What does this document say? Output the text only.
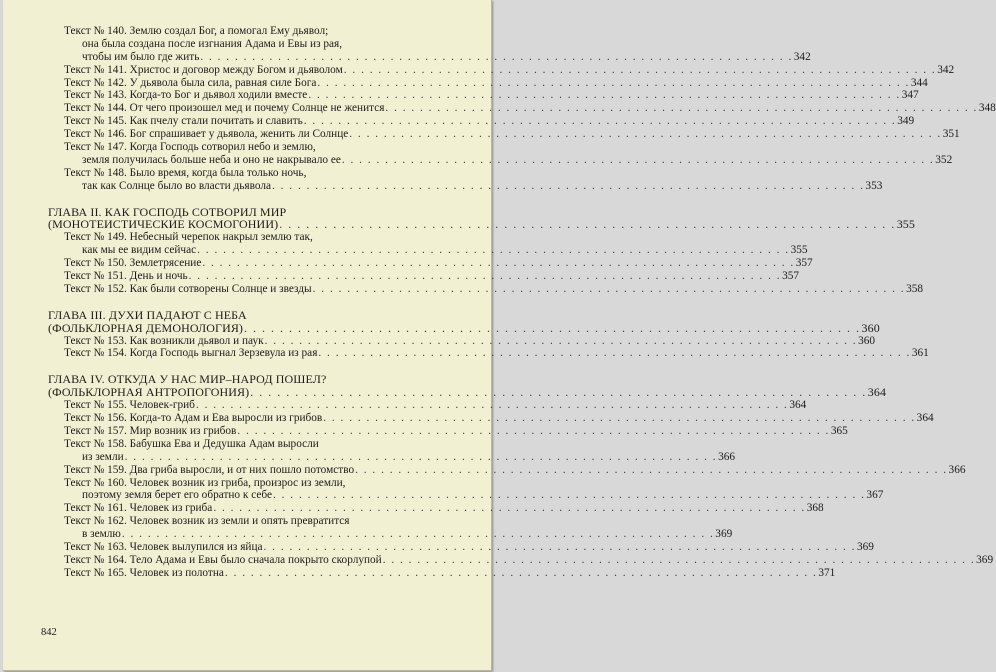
Текст № 140. Землю создал Бог, а помогал Ему дьявол;
она была создана после изгнания Адама и Евы из рая,
чтобы им было где жить . . . . . . . . . . . . . . . . . . . . . . . . . . . . . . . . . . . . . . . . . . . . . . . . . . . . . . . . . . . . . . . . . . . . . 342
Текст № 141. Христос и договор между Богом и дьяволом . . . . . . . . . . . . . . . . . . . . . . . . . . . . . . . . . . . . . . . . . . . . . . . . . . . . . . . . . . . . . . . . . . . . . 342
Текст № 142. У дьявола была сила, равная силе Бога . . . . . . . . . . . . . . . . . . . . . . . . . . . . . . . . . . . . . . . . . . . . . . . . . . . . . . . . . . . . . . . . . . . . . 344
Текст № 143. Когда-то Бог и дьявол ходили вместе . . . . . . . . . . . . . . . . . . . . . . . . . . . . . . . . . . . . . . . . . . . . . . . . . . . . . . . . . . . . . . . . . . . . . 347
Текст № 144. От чего произошел мед и почему Солнце не женится . . . . . . . . . . . . . . . . . . . . . . . . . . . . . . . . . . . . . . . . . . . . . . . . . . . . . . . . . . . . . . . . . . . . . 348
Текст № 145. Как пчелу стали почитать и славить . . . . . . . . . . . . . . . . . . . . . . . . . . . . . . . . . . . . . . . . . . . . . . . . . . . . . . . . . . . . . . . . . . . . . 349
Текст № 146. Бог спрашивает у дьявола, женить ли Солнце . . . . . . . . . . . . . . . . . . . . . . . . . . . . . . . . . . . . . . . . . . . . . . . . . . . . . . . . . . . . . . . . . . . . . 351
Текст № 147. Когда Господь сотворил небо и землю,
земля получилась больше неба и оно не накрывало ее . . . . . . . . . . . . . . . . . . . . . . . . . . . . . . . . . . . . . . . . . . . . . . . . . . . . . . . . . . . . . . . . . . . . . 352
Текст № 148. Было время, когда была только ночь,
так как Солнце было во власти дьявола . . . . . . . . . . . . . . . . . . . . . . . . . . . . . . . . . . . . . . . . . . . . . . . . . . . . . . . . . . . . . . . . . . . . . 353
ГЛАВА II. КАК ГОСПОДЬ СОТВОРИЛ МИР
(МОНОТЕИСТИЧЕСКИЕ КОСМОГОНИИ) . . . . . . . . . . . . . . . . . . . . . . . . . . . . . . . . . . . . . . . . . . . . . . . . . . . . . . . . . . . . . . . . . . . . . 355
Текст № 149. Небесный черепок накрыл землю так,
как мы ее видим сейчас . . . . . . . . . . . . . . . . . . . . . . . . . . . . . . . . . . . . . . . . . . . . . . . . . . . . . . . . . . . . . . . . . . . . . 355
Текст № 150. Землетрясение . . . . . . . . . . . . . . . . . . . . . . . . . . . . . . . . . . . . . . . . . . . . . . . . . . . . . . . . . . . . . . . . . . . . . 357
Текст № 151. День и ночь . . . . . . . . . . . . . . . . . . . . . . . . . . . . . . . . . . . . . . . . . . . . . . . . . . . . . . . . . . . . . . . . . . . . . 357
Текст № 152. Как были сотворены Солнце и звезды . . . . . . . . . . . . . . . . . . . . . . . . . . . . . . . . . . . . . . . . . . . . . . . . . . . . . . . . . . . . . . . . . . . . . 358
ГЛАВА III. ДУХИ ПАДАЮТ С НЕБА
(ФОЛЬКЛОРНАЯ ДЕМОНОЛОГИЯ) . . . . . . . . . . . . . . . . . . . . . . . . . . . . . . . . . . . . . . . . . . . . . . . . . . . . . . . . . . . . . . . . . . . . . 360
Текст № 153. Как возникли дьявол и паук . . . . . . . . . . . . . . . . . . . . . . . . . . . . . . . . . . . . . . . . . . . . . . . . . . . . . . . . . . . . . . . . . . . . . 360
Текст № 154. Когда Господь выгнал Зерзевула из рая . . . . . . . . . . . . . . . . . . . . . . . . . . . . . . . . . . . . . . . . . . . . . . . . . . . . . . . . . . . . . . . . . . . . . 361
ГЛАВА IV. ОТКУДА У НАС МИР–НАРОД ПОШЕЛ?
(ФОЛЬКЛОРНАЯ АНТРОПОГОНИЯ) . . . . . . . . . . . . . . . . . . . . . . . . . . . . . . . . . . . . . . . . . . . . . . . . . . . . . . . . . . . . . . . . . . . . . 364
Текст № 155. Человек-гриб . . . . . . . . . . . . . . . . . . . . . . . . . . . . . . . . . . . . . . . . . . . . . . . . . . . . . . . . . . . . . . . . . . . . . 364
Текст № 156. Когда-то Адам и Ева выросли из грибов . . . . . . . . . . . . . . . . . . . . . . . . . . . . . . . . . . . . . . . . . . . . . . . . . . . . . . . . . . . . . . . . . . . . . 364
Текст № 157. Мир возник из грибов . . . . . . . . . . . . . . . . . . . . . . . . . . . . . . . . . . . . . . . . . . . . . . . . . . . . . . . . . . . . . . . . . . . . . 365
Текст № 158. Бабушка Ева и Дедушка Адам выросли
из земли . . . . . . . . . . . . . . . . . . . . . . . . . . . . . . . . . . . . . . . . . . . . . . . . . . . . . . . . . . . . . . . . . . . . . 366
Текст № 159. Два гриба выросли, и от них пошло потомство . . . . . . . . . . . . . . . . . . . . . . . . . . . . . . . . . . . . . . . . . . . . . . . . . . . . . . . . . . . . . . . . . . . . . 366
Текст № 160. Человек возник из гриба, произрос из земли,
поэтому земля берет его обратно к себе . . . . . . . . . . . . . . . . . . . . . . . . . . . . . . . . . . . . . . . . . . . . . . . . . . . . . . . . . . . . . . . . . . . . . 367
Текст № 161. Человек из гриба . . . . . . . . . . . . . . . . . . . . . . . . . . . . . . . . . . . . . . . . . . . . . . . . . . . . . . . . . . . . . . . . . . . . . 368
Текст № 162. Человек возник из земли и опять превратится
в землю . . . . . . . . . . . . . . . . . . . . . . . . . . . . . . . . . . . . . . . . . . . . . . . . . . . . . . . . . . . . . . . . . . . . . 369
Текст № 163. Человек вылупился из яйца . . . . . . . . . . . . . . . . . . . . . . . . . . . . . . . . . . . . . . . . . . . . . . . . . . . . . . . . . . . . . . . . . . . . . 369
Текст № 164. Тело Адама и Евы было сначала покрыто скорлупой . . . . . . . . . . . . . . . . . . . . . . . . . . . . . . . . . . . . . . . . . . . . . . . . . . . . . . . . . . . . . . . . . . . . . 369
Текст № 165. Человек из полотна . . . . . . . . . . . . . . . . . . . . . . . . . . . . . . . . . . . . . . . . . . . . . . . . . . . . . . . . . . . . . . . . . . . . . 371
842
